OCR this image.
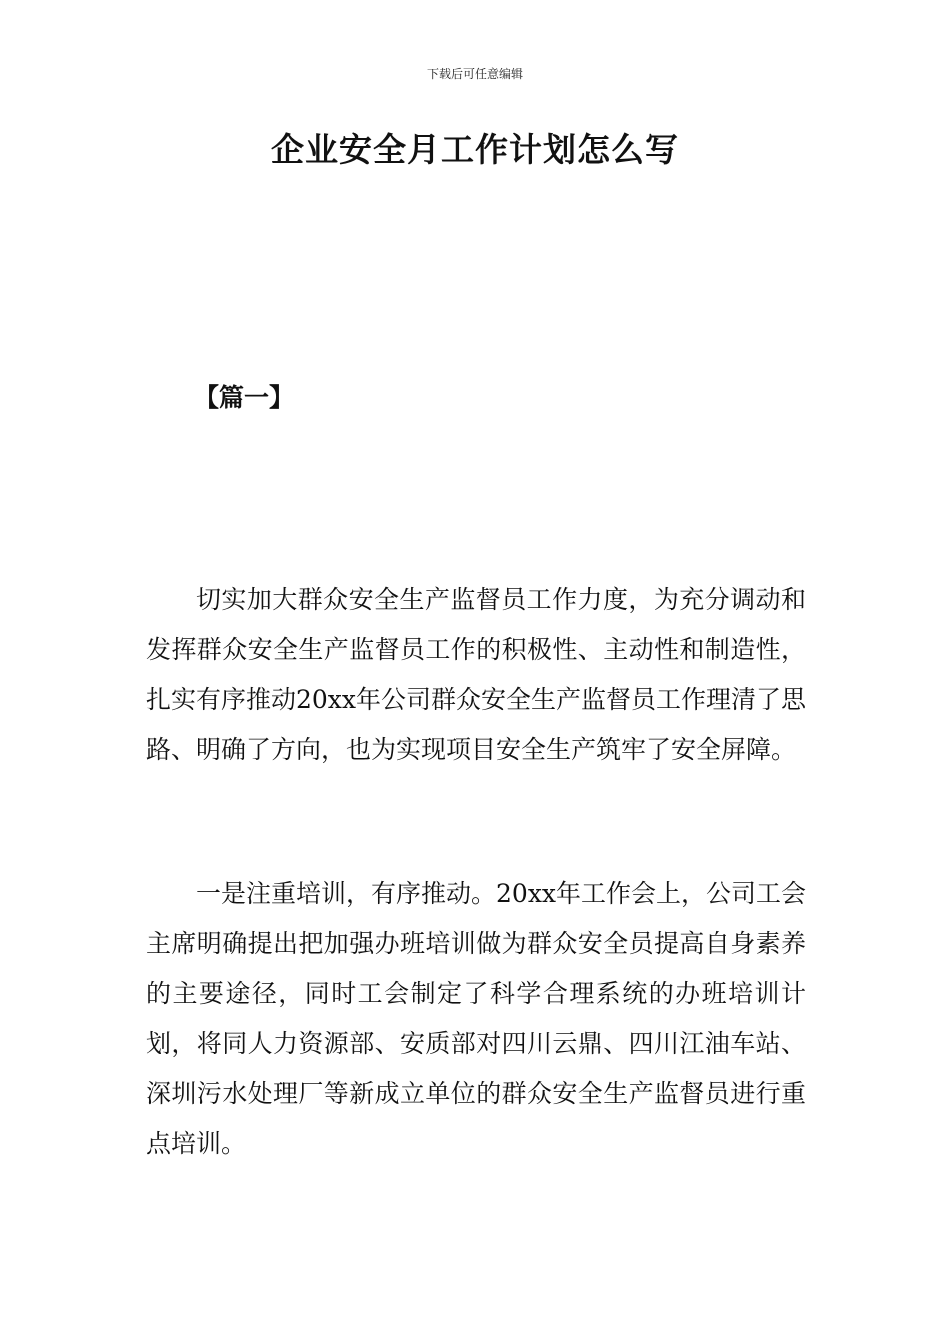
下载后可任意编辑
企业安全月工作计划怎么写
【篇一】

切实加大群众安全生产监督员工作力度，为充分调动和发挥群众安全生产监督员工作的积极性、主动性和制造性，扎实有序推动20xx年公司群众安全生产监督员工作理清了思路、明确了方向，也为实现项目安全生产筑牢了安全屏障。

一是注重培训，有序推动。20xx年工作会上，公司工会主席明确提出把加强办班培训做为群众安全员提高自身素养的主要途径，同时工会制定了科学合理系统的办班培训计划，将同人力资源部、安质部对四川云鼎、四川江油车站、深圳污水处理厂等新成立单位的群众安全生产监督员进行重点培训。
